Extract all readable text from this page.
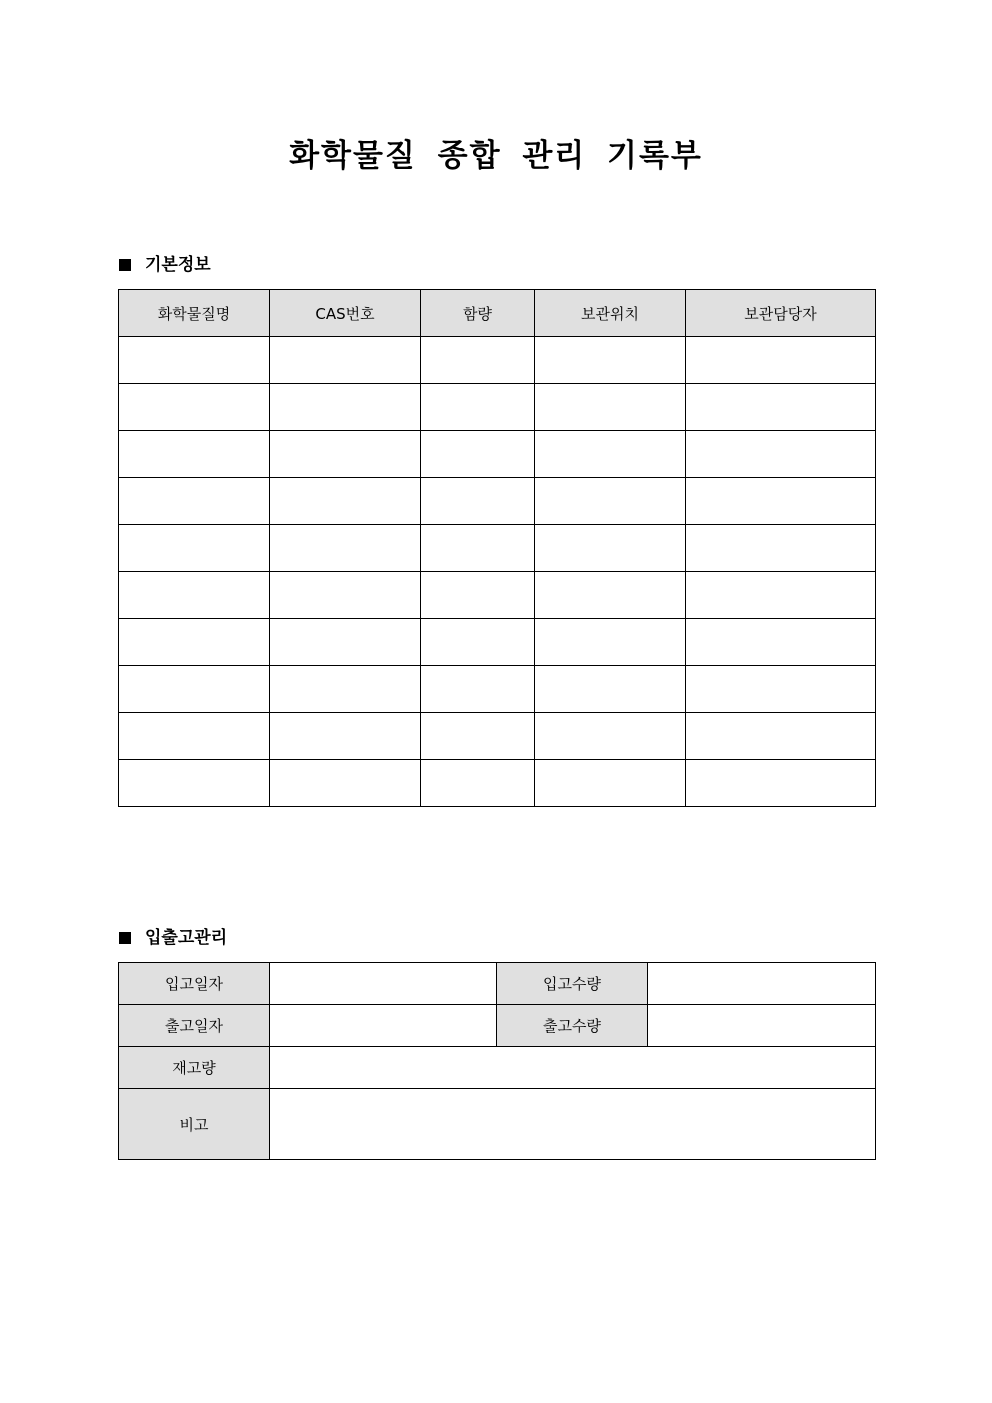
화학물질 종합 관리 기록부
기본정보
화학물질명	CAS번호	함량	보관위치	보관담당자

입출고관리
입고일자		입고수량	
출고일자		출고수량	
재고량			
비고			
